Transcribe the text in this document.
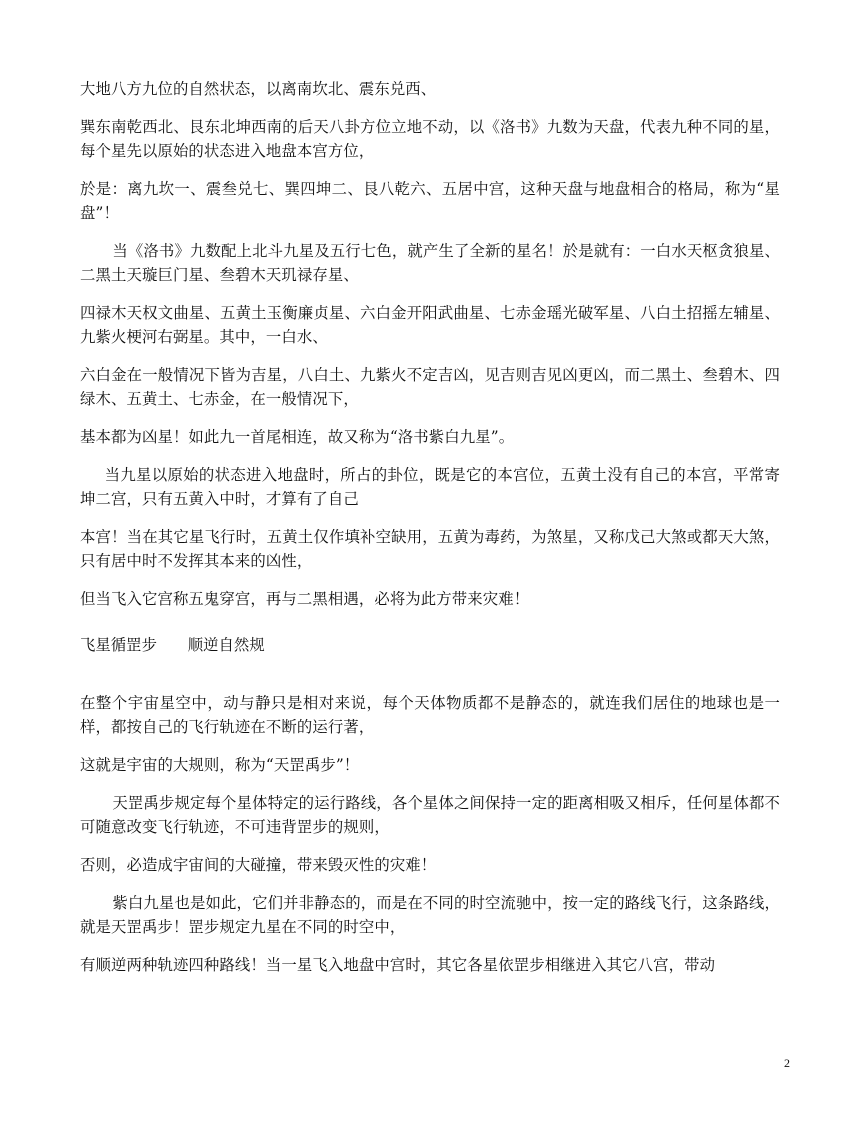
大地八方九位的自然状态，以离南坎北、震东兑西、

巽东南乾西北、艮东北坤西南的后天八卦方位立地不动，以《洛书》九数为天盘，代表九种不同的星，每个星先以原始的状态进入地盘本宫方位，

於是：离九坎一、震叁兑七、巽四坤二、艮八乾六、五居中宫，这种天盘与地盘相合的格局，称为“星盘”！

当《洛书》九数配上北斗九星及五行七色，就产生了全新的星名！於是就有：一白水天枢贪狼星、二黑土天璇巨门星、叁碧木天玑禄存星、

四禄木天权文曲星、五黄土玉衡廉贞星、六白金开阳武曲星、七赤金瑶光破军星、八白土招摇左辅星、九紫火梗河右弼星。其中，一白水、

六白金在一般情况下皆为吉星，八白土、九紫火不定吉凶，见吉则吉见凶更凶，而二黑土、叁碧木、四绿木、五黄土、七赤金，在一般情况下，

基本都为凶星！如此九一首尾相连，故又称为“洛书紫白九星”。

当九星以原始的状态进入地盘时，所占的卦位，既是它的本宫位，五黄土没有自己的本宫，平常寄坤二宫，只有五黄入中时，才算有了自己

本宫！当在其它星飞行时，五黄土仅作填补空缺用，五黄为毒药，为煞星，又称戊己大煞或都天大煞，只有居中时不发挥其本来的凶性，

但当飞入它宫称五鬼穿宫，再与二黑相遇，必将为此方带来灾难！

飞星循罡步　　顺逆自然规

在整个宇宙星空中，动与静只是相对来说，每个天体物质都不是静态的，就连我们居住的地球也是一样，都按自己的飞行轨迹在不断的运行著，

这就是宇宙的大规则，称为“天罡禹步”！

天罡禹步规定每个星体特定的运行路线，各个星体之间保持一定的距离相吸又相斥，任何星体都不可随意改变飞行轨迹，不可违背罡步的规则，

否则，必造成宇宙间的大碰撞，带来毁灭性的灾难！

紫白九星也是如此，它们并非静态的，而是在不同的时空流驰中，按一定的路线飞行，这条路线，就是天罡禹步！罡步规定九星在不同的时空中，

有顺逆两种轨迹四种路线！当一星飞入地盘中宫时，其它各星依罡步相继进入其它八宫，带动

2
